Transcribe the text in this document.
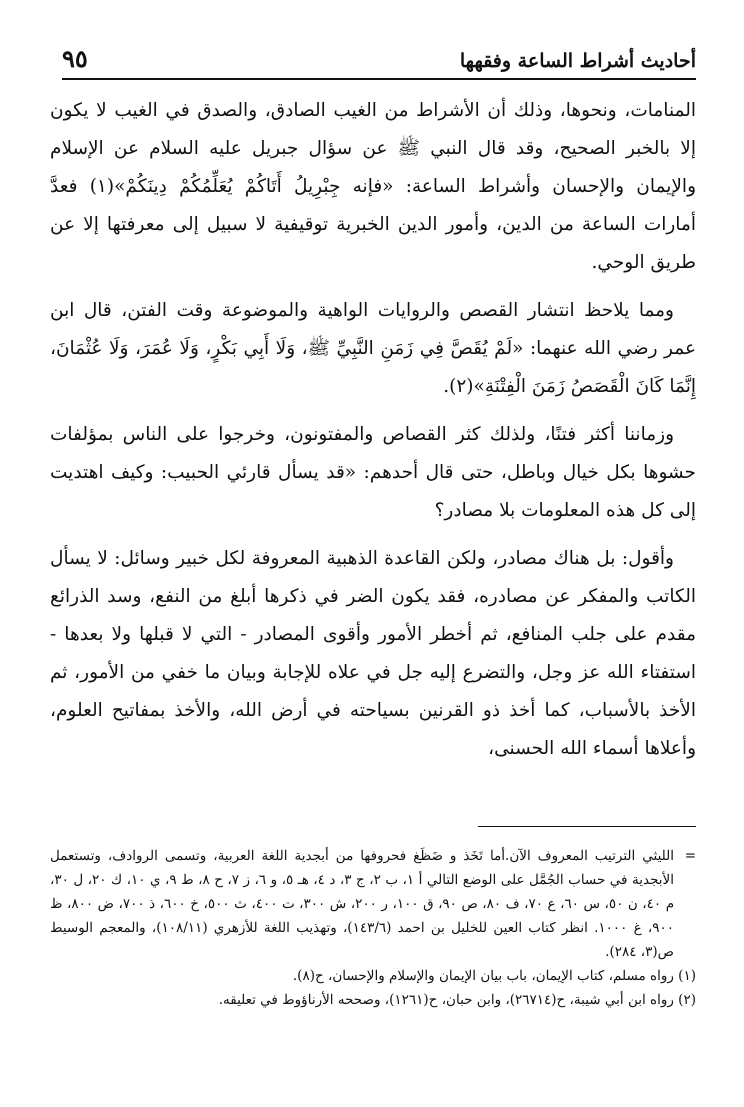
أحاديث أشراط الساعة وفقهها
٩٥

المنامات، ونحوها، وذلك أن الأشراط من الغيب الصادق، والصدق في الغيب لا يكون إلا بالخبر الصحيح، وقد قال النبي ﷺ عن سؤال جبريل عليه السلام عن الإسلام والإيمان والإحسان وأشراط الساعة: «فإنه جِبْرِيلُ أَتَاكُمْ يُعَلِّمُكُمْ دِينَكُمْ»(١) فعدَّ أمارات الساعة من الدين، وأمور الدين الخبرية توقيفية لا سبيل إلى معرفتها إلا عن طريق الوحي.

ومما يلاحظ انتشار القصص والروايات الواهية والموضوعة وقت الفتن، قال ابن عمر رضي الله عنهما: «لَمْ يُقَصَّ فِي زَمَنِ النَّبِيِّ ﷺ، وَلَا أَبِي بَكْرٍ، وَلَا عُمَرَ، وَلَا عُثْمَانَ، إِنَّمَا كَانَ الْقَصَصُ زَمَنَ الْفِتْنَةِ»(٢).

وزماننا أكثر فتنًا، ولذلك كثر القصاص والمفتونون، وخرجوا على الناس بمؤلفات حشوها بكل خيال وباطل، حتى قال أحدهم: «قد يسأل قارئي الحبيب: وكيف اهتديت إلى كل هذه المعلومات بلا مصادر؟

وأقول: بل هناك مصادر، ولكن القاعدة الذهبية المعروفة لكل خبير وسائل: لا يسأل الكاتب والمفكر عن مصادره، فقد يكون الضر في ذكرها أبلغ من النفع، وسد الذرائع مقدم على جلب المنافع، ثم أخطر الأمور وأقوى المصادر - التي لا قبلها ولا بعدها - استفتاء الله عز وجل، والتضرع إليه جل في علاه للإجابة وبيان ما خفي من الأمور، ثم الأخذ بالأسباب، كما أخذ ذو القرنين بسياحته في أرض الله، والأخذ بمفاتيح العلوم، وأعلاها أسماء الله الحسنى،

=
الليثي الترتيب المعروف الآن.أما تَخَذ و ضَظَغ فحروفها من أبجدية اللغة العربية، وتسمى الروادف، وتستعمل الأبجدية في حساب الجُمَّل على الوضع التالي أ ١، ب ٢، ج ٣، د ٤، هـ ٥، و ٦، ز ٧، ح ٨، ط ٩، ي ١٠، ك ٢٠، ل ٣٠، م ٤٠، ن ٥٠، س ٦٠، ع ٧٠، ف ٨٠، ص ٩٠، ق ١٠٠، ر ٢٠٠، ش ٣٠٠، ت ٤٠٠، ث ٥٠٠، خ ٦٠٠، ذ ٧٠٠، ض ٨٠٠، ظ ٩٠٠، غ ١٠٠٠. انظر كتاب العين للخليل بن احمد (١٤٣/٦)، وتهذيب اللغة للأزهري (١٠٨/١١)، والمعجم الوسيط ص(٣، ٢٨٤).

(١) رواه مسلم، كتاب الإيمان، باب بيان الإيمان والإسلام والإحسان، ح(٨).

(٢) رواه ابن أبي شيبة، ح(٢٦٧١٤)، وابن حبان، ح(١٢٦١)، وصححه الأرناؤوط في تعليقه.
